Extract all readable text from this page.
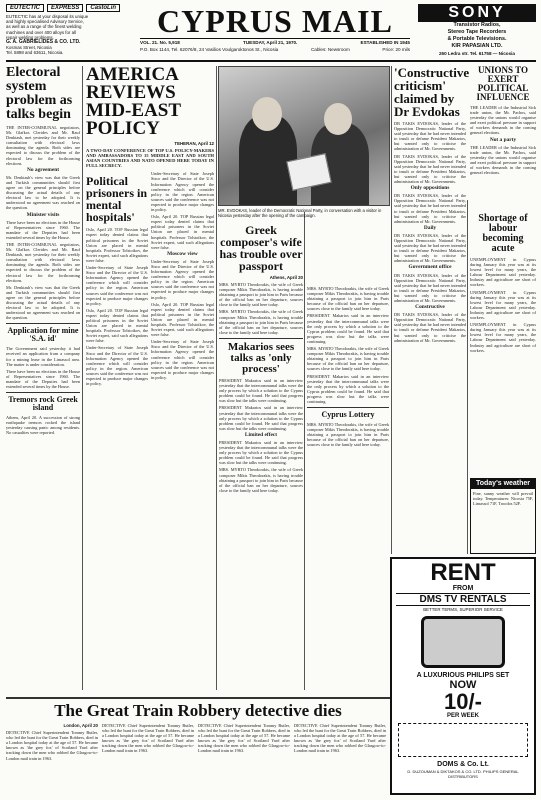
EUTECTIC	EXPRESS	CastoLin
EUTECTIC has at your disposal its unique
and highly specialised Advisory Service,
as well as a range of the finest welding
machines and over 400 alloys for all
repair welding problems.
G. A. GABRIELIDES & CO. LTD.
Kosmas Street, Nicosia
Tel. 5898 and 63611, Nicosia.
CYPRUS MAIL
VOL. 21. No. 5,918	TUESDAY, April 21, 1970.	ESTABLISHED IN 1945
P.O. Box 1144, Tel. 62076/8, 24 Vasilios Voulgaroktonos St., Nicosia	Cables: Newsroom	Price: 20 mils
SONY
Transistor Radios,
Stereo Tape Recorders
& Portable Televisions.
KIR PAPASIAN LTD.
260 Ledra str. Tel. 61758 — Nicosia
Electoral system problem as talks begin

THE INTER-COMMUNAL negotiators, Mr. Glafkos Clerides and Mr. Rauf Denktash, met yesterday for their weekly consultation with electoral laws dominating the agenda. Both sides are expected to discuss the problem of the electoral law for the forthcoming elections.

No agreement

Mr. Denktash's view was that the Greek and Turkish communities should first agree on the general principles before discussing the actual details of any electoral law to be adopted. It is understood no agreement was reached on the question.

Minister visits

There have been no elections in the House of Representatives since 1960. The mandate of the Deputies had been extended several times by the House.

THE INTER-COMMUNAL negotiators, Mr. Glafkos Clerides and Mr. Rauf Denktash, met yesterday for their weekly consultation with electoral laws dominating the agenda. Both sides are expected to discuss the problem of the electoral law for the forthcoming elections.

Mr. Denktash's view was that the Greek and Turkish communities should first agree on the general principles before discussing the actual details of any electoral law to be adopted. It is understood no agreement was reached on the question.

Application for mine 'S.A. id'

The Government said yesterday it had received an application from a company for a mining lease in the Limassol area. The matter is under consideration.

There have been no elections in the House of Representatives since 1960. The mandate of the Deputies had been extended several times by the House.

Tremors rock Greek island

Athens, April 20. A succession of strong earthquake tremors rocked the island yesterday causing panic among residents. No casualties were reported.

AMERICA REVIEWS MID-EAST POLICY
TEHERAN, April 12
A TWO-DAY CONFERENCE OF TOP U.S. POLICY-MAKERS AND AMBASSADORS TO 15 MIDDLE EAST AND SOUTH ASIAN COUNTRIES AND NATO OPENED HERE TODAY IN FULL SECRECY.
Political prisoners in mental hospitals'

Oslo, April 20. TOP Russian legal expert today denied claims that political prisoners in the Soviet Union are placed in mental hospitals. Professor Tolstoikov, the Soviet expert, said such allegations were false.

Under-Secretary of State Joseph Sisco and the Director of the U.S. Information Agency opened the conference which will consider policy in the region. American sources said the conference was not expected to produce major changes in policy.

Oslo, April 20. TOP Russian legal expert today denied claims that political prisoners in the Soviet Union are placed in mental hospitals. Professor Tolstoikov, the Soviet expert, said such allegations were false.

Under-Secretary of State Joseph Sisco and the Director of the U.S. Information Agency opened the conference which will consider policy in the region. American sources said the conference was not expected to produce major changes in policy.

Under-Secretary of State Joseph Sisco and the Director of the U.S. Information Agency opened the conference which will consider policy in the region. American sources said the conference was not expected to produce major changes in policy.

Oslo, April 20. TOP Russian legal expert today denied claims that political prisoners in the Soviet Union are placed in mental hospitals. Professor Tolstoikov, the Soviet expert, said such allegations were false.

Moscow view

Under-Secretary of State Joseph Sisco and the Director of the U.S. Information Agency opened the conference which will consider policy in the region. American sources said the conference was not expected to produce major changes in policy.

Oslo, April 20. TOP Russian legal expert today denied claims that political prisoners in the Soviet Union are placed in mental hospitals. Professor Tolstoikov, the Soviet expert, said such allegations were false.

Under-Secretary of State Joseph Sisco and the Director of the U.S. Information Agency opened the conference which will consider policy in the region. American sources said the conference was not expected to produce major changes in policy.

MR. EVDOKAS, leader of the Democratic National Party, in conversation with a visitor in Nicosia yesterday after the opening of the campaign.
Greek composer's wife has trouble over passport
Athens, April 20

MRS. MYRTO Theodorakis, the wife of Greek composer Mikis Theodorakis, is having trouble obtaining a passport to join him in Paris because of the official ban on her departure, sources close to the family said here today.

MRS. MYRTO Theodorakis, the wife of Greek composer Mikis Theodorakis, is having trouble obtaining a passport to join him in Paris because of the official ban on her departure, sources close to the family said here today.

Makarios sees talks as 'only process'

PRESIDENT Makarios said in an interview yesterday that the intercommunal talks were the only process by which a solution to the Cyprus problem could be found. He said that progress was slow but the talks were continuing.

PRESIDENT Makarios said in an interview yesterday that the intercommunal talks were the only process by which a solution to the Cyprus problem could be found. He said that progress was slow but the talks were continuing.

Limited effect

PRESIDENT Makarios said in an interview yesterday that the intercommunal talks were the only process by which a solution to the Cyprus problem could be found. He said that progress was slow but the talks were continuing.

MRS. MYRTO Theodorakis, the wife of Greek composer Mikis Theodorakis, is having trouble obtaining a passport to join him in Paris because of the official ban on her departure, sources close to the family said here today.

MRS. MYRTO Theodorakis, the wife of Greek composer Mikis Theodorakis, is having trouble obtaining a passport to join him in Paris because of the official ban on her departure, sources close to the family said here today.

PRESIDENT Makarios said in an interview yesterday that the intercommunal talks were the only process by which a solution to the Cyprus problem could be found. He said that progress was slow but the talks were continuing.

MRS. MYRTO Theodorakis, the wife of Greek composer Mikis Theodorakis, is having trouble obtaining a passport to join him in Paris because of the official ban on her departure, sources close to the family said here today.

PRESIDENT Makarios said in an interview yesterday that the intercommunal talks were the only process by which a solution to the Cyprus problem could be found. He said that progress was slow but the talks were continuing.

Cyprus Lottery

MRS. MYRTO Theodorakis, the wife of Greek composer Mikis Theodorakis, is having trouble obtaining a passport to join him in Paris because of the official ban on her departure, sources close to the family said here today.

'Constructive criticism' claimed by Dr Evdokas

DR TAKIS EVDOKAS, leader of the Opposition Democratic National Party, said yesterday that he had never intended to insult or defame President Makarios, but wanted only to criticise the administration of Mr. Governments.

DR TAKIS EVDOKAS, leader of the Opposition Democratic National Party, said yesterday that he had never intended to insult or defame President Makarios, but wanted only to criticise the administration of Mr. Governments.

Only oppositions

DR TAKIS EVDOKAS, leader of the Opposition Democratic National Party, said yesterday that he had never intended to insult or defame President Makarios, but wanted only to criticise the administration of Mr. Governments.

Daily

DR TAKIS EVDOKAS, leader of the Opposition Democratic National Party, said yesterday that he had never intended to insult or defame President Makarios, but wanted only to criticise the administration of Mr. Governments.

Government office

DR TAKIS EVDOKAS, leader of the Opposition Democratic National Party, said yesterday that he had never intended to insult or defame President Makarios, but wanted only to criticise the administration of Mr. Governments.

Constructive

DR TAKIS EVDOKAS, leader of the Opposition Democratic National Party, said yesterday that he had never intended to insult or defame President Makarios, but wanted only to criticise the administration of Mr. Governments.

Shortage of labour becoming acute

UNEMPLOYMENT in Cyprus during January this year was at its lowest level for many years, the Labour Department said yesterday. Industry and agriculture are short of workers.

UNEMPLOYMENT in Cyprus during January this year was at its lowest level for many years, the Labour Department said yesterday. Industry and agriculture are short of workers.

UNEMPLOYMENT in Cyprus during January this year was at its lowest level for many years, the Labour Department said yesterday. Industry and agriculture are short of workers.

UNIONS TO EXERT POLITICAL INFLUENCE

THE LEADER of the Industrial Sick trade union, the Mr. Pachos, said yesterday the unions would organise and exert political pressure in support of workers demands in the coming general elections.

Not a party

THE LEADER of the Industrial Sick trade union, the Mr. Pachos, said yesterday the unions would organise and exert political pressure in support of workers demands in the coming general elections.

Today's weather
Fine, sunny weather will prevail today. Temperatures: Nicosia 75F, Limassol 71F, Troodos 52F.
RENT
FROM
DMS TV RENTALS
BETTER TERMS, SUPERIOR SERVICE
A LUXURIOUS PHILIPS SET
NOW
10/-
PER WEEK
DOMS & Co. Lt.
D. DUZOUMAN & DIKTAKOS & CO. LTD. PHILIPS GENERAL DISTRIBUTORS
The Great Train Robbery detective dies
London, April 20

DETECTIVE Chief Superintendent Tommy Butler, who led the hunt for the Great Train Robbers, died in a London hospital today at the age of 57. He became known as 'the grey fox' of Scotland Yard after tracking down the men who robbed the Glasgow-to-London mail train in 1963.

DETECTIVE Chief Superintendent Tommy Butler, who led the hunt for the Great Train Robbers, died in a London hospital today at the age of 57. He became known as 'the grey fox' of Scotland Yard after tracking down the men who robbed the Glasgow-to-London mail train in 1963.

DETECTIVE Chief Superintendent Tommy Butler, who led the hunt for the Great Train Robbers, died in a London hospital today at the age of 57. He became known as 'the grey fox' of Scotland Yard after tracking down the men who robbed the Glasgow-to-London mail train in 1963.

DETECTIVE Chief Superintendent Tommy Butler, who led the hunt for the Great Train Robbers, died in a London hospital today at the age of 57. He became known as 'the grey fox' of Scotland Yard after tracking down the men who robbed the Glasgow-to-London mail train in 1963.
